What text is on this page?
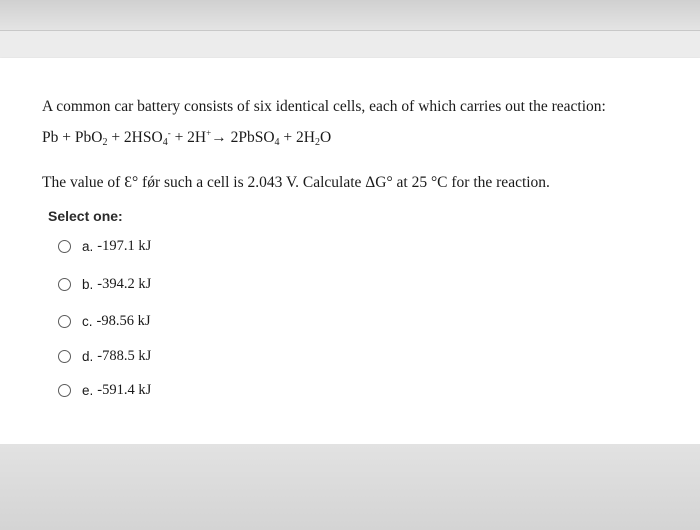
A common car battery consists of six identical cells, each of which carries out the reaction:

$Pb + PbO_2 + 2HSO_4^- + 2H^+\to$ 2PbSO$_4$ + $2H_2O$

The value of Ɛ° fǿr such a cell is 2.043 V. Calculate ΔG° at 25 °C for the reaction.

Select one:
a. -197.1 kJ
b. -394.2 kJ
c. -98.56 kJ
d. -788.5 kJ
e. -591.4 kJ
